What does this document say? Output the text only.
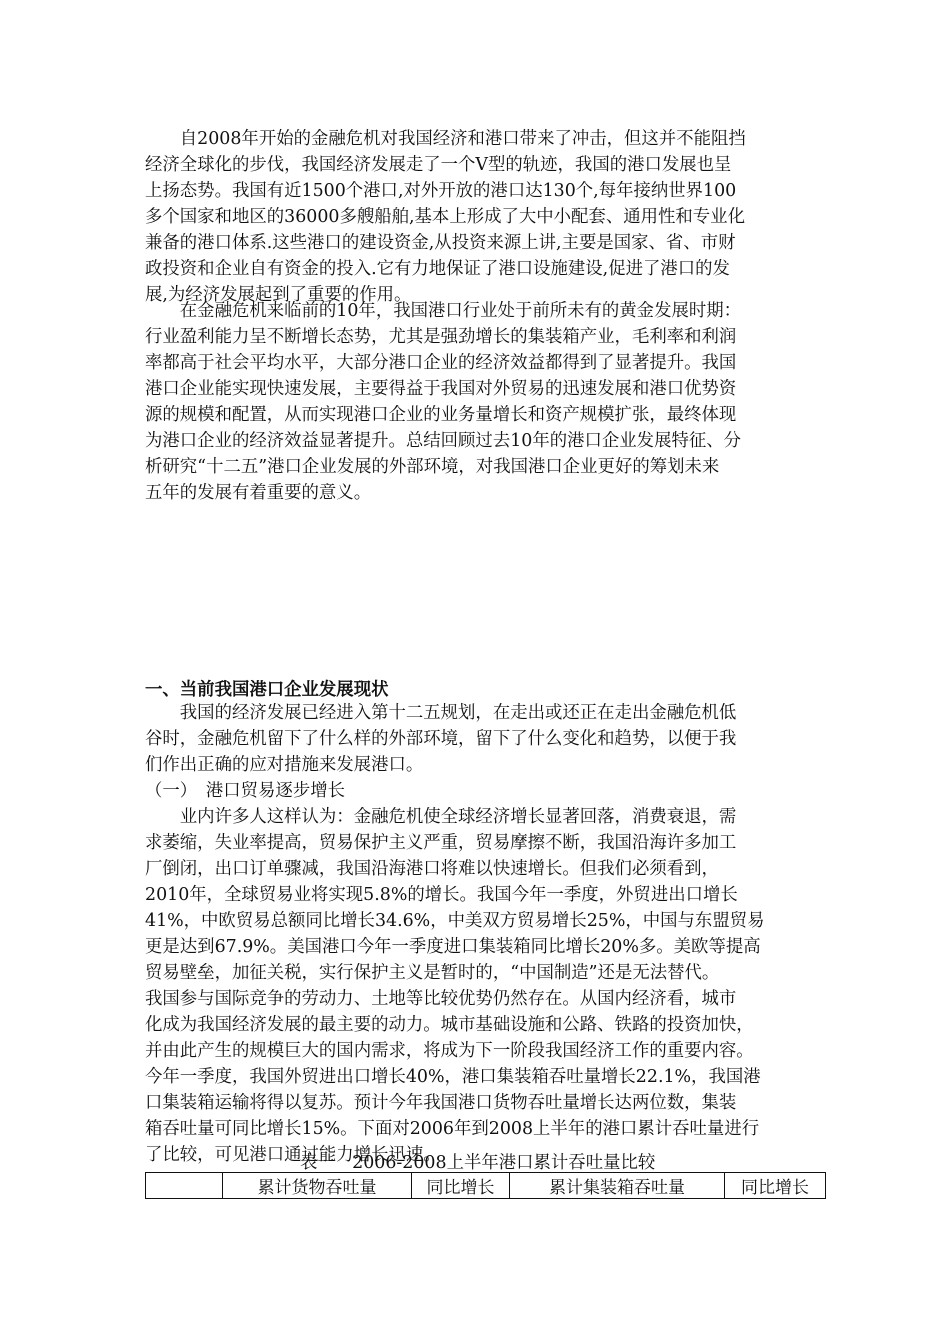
　　自2008年开始的金融危机对我国经济和港口带来了冲击，但这并不能阻挡
经济全球化的步伐，我国经济发展走了一个V型的轨迹，我国的港口发展也呈
上扬态势。我国有近1500个港口,对外开放的港口达130个,每年接纳世界100
多个国家和地区的36000多艘船舶,基本上形成了大中小配套、通用性和专业化
兼备的港口体系.这些港口的建设资金,从投资来源上讲,主要是国家、省、市财
政投资和企业自有资金的投入.它有力地保证了港口设施建设,促进了港口的发
展,为经济发展起到了重要的作用。
　　在金融危机来临前的10年，我国港口行业处于前所未有的黄金发展时期：
行业盈利能力呈不断增长态势，尤其是强劲增长的集装箱产业，毛利率和利润
率都高于社会平均水平，大部分港口企业的经济效益都得到了显著提升。我国
港口企业能实现快速发展，主要得益于我国对外贸易的迅速发展和港口优势资
源的规模和配置，从而实现港口企业的业务量增长和资产规模扩张，最终体现
为港口企业的经济效益显著提升。总结回顾过去10年的港口企业发展特征、分
析研究“十二五”港口企业发展的外部环境，对我国港口企业更好的筹划未来
五年的发展有着重要的意义。
一、当前我国港口企业发展现状
　　我国的经济发展已经进入第十二五规划，在走出或还正在走出金融危机低
谷时，金融危机留下了什么样的外部环境，留下了什么变化和趋势，以便于我
们作出正确的应对措施来发展港口。
（一）　港口贸易逐步增长
　　业内许多人这样认为：金融危机使全球经济增长显著回落，消费衰退，需
求萎缩，失业率提高，贸易保护主义严重，贸易摩擦不断，我国沿海许多加工
厂倒闭，出口订单骤减，我国沿海港口将难以快速增长。但我们必须看到，
2010年，全球贸易业将实现5.8%的增长。我国今年一季度，外贸进出口增长
41%，中欧贸易总额同比增长34.6%，中美双方贸易增长25%，中国与东盟贸易
更是达到67.9%。美国港口今年一季度进口集装箱同比增长20%多。美欧等提高
贸易壁垒，加征关税，实行保护主义是暂时的，“中国制造”还是无法替代。
我国参与国际竞争的劳动力、土地等比较优势仍然存在。从国内经济看，城市
化成为我国经济发展的最主要的动力。城市基础设施和公路、铁路的投资加快，
并由此产生的规模巨大的国内需求，将成为下一阶段我国经济工作的重要内容。
今年一季度，我国外贸进出口增长40%，港口集装箱吞吐量增长22.1%，我国港
口集装箱运输将得以复苏。预计今年我国港口货物吞吐量增长达两位数，集装
箱吞吐量可同比增长15%。下面对2006年到2008上半年的港口累计吞吐量进行
了比较，可见港口通过能力增长迅速。
表一　2006-2008上半年港口累计吞吐量比较
	累计货物吞吐量	同比增长	累计集装箱吞吐量	同比增长
